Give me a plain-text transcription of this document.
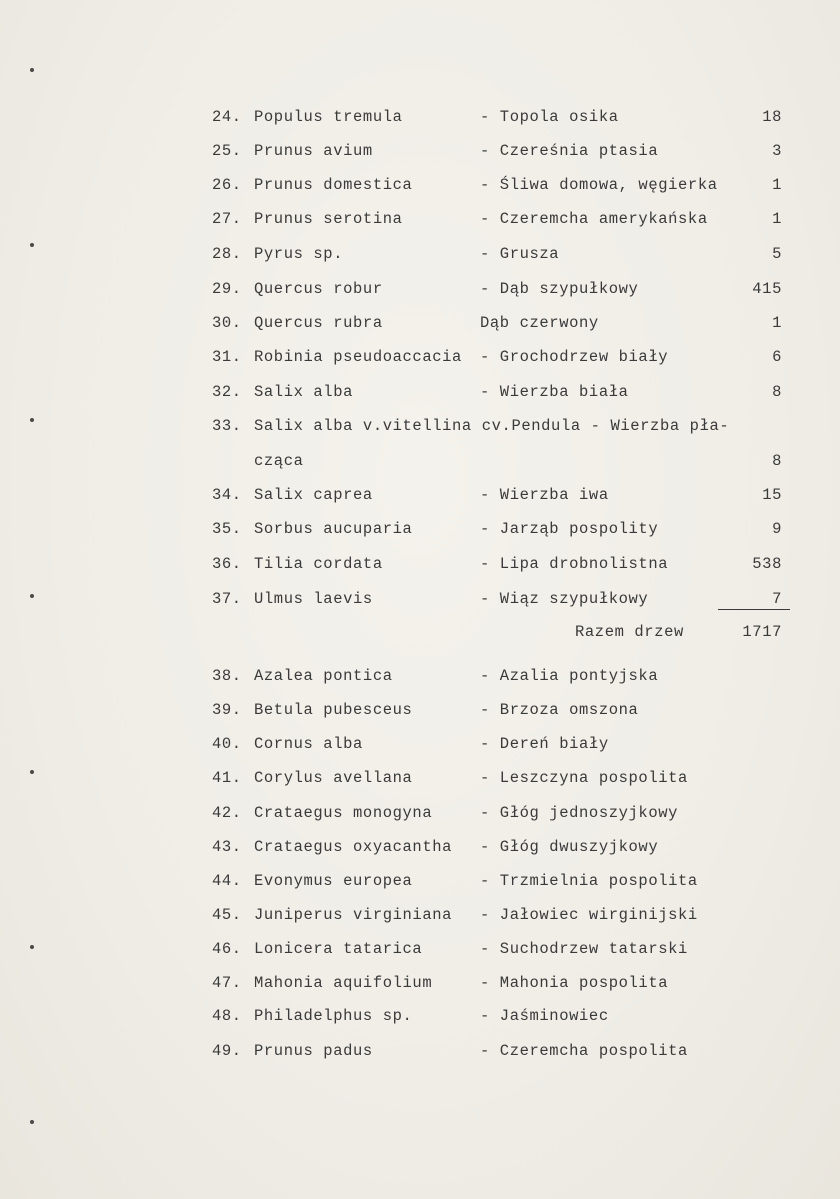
24. Populus tremula	- Topola osika	18
25. Prunus avium	- Czereśnia ptasia	3
26. Prunus domestica	- Śliwa domowa, węgierka	1
27. Prunus serotina	- Czeremcha amerykańska	1
28. Pyrus sp.	- Grusza	5
29. Quercus robur	- Dąb szypułkowy	415
30. Quercus rubra	Dąb czerwony	1
31. Robinia pseudoaccacia - Grochodrzew biały	6
32. Salix alba	- Wierzba biała	8
33. Salix alba v.vitellina cv.Pendula - Wierzba pła-
cząca	8
34. Salix caprea	- Wierzba iwa	15
35. Sorbus aucuparia	- Jarząb pospolity	9
36. Tilia cordata	- Lipa drobnolistna	538
37. Ulmus laevis	- Wiąz szypułkowy	7
Razem drzew	1717
38. Azalea pontica	- Azalia pontyjska
39. Betula pubesceus	- Brzoza omszona
40. Cornus alba	- Dereń biały
41. Corylus avellana	- Leszczyna pospolita
42. Crataegus monogyna	- Głóg jednoszyjkowy
43. Crataegus oxyacantha - Głóg dwuszyjkowy
44. Evonymus europea	- Trzmielnia pospolita
45. Juniperus virginiana - Jałowiec wirginijski
46. Lonicera tatarica	- Suchodrzew tatarski
47. Mahonia aquifolium	- Mahonia pospolita
48. Philadelphus sp.	- Jaśminowiec
49. Prunus padus	- Czeremcha pospolita
